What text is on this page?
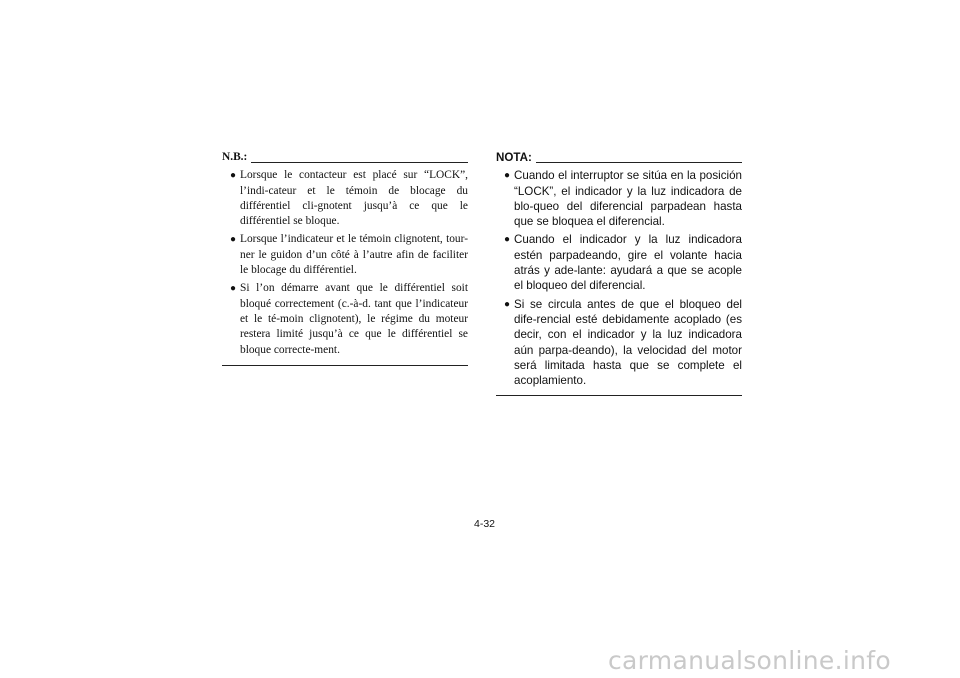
N.B.:
● Lorsque le contacteur est placé sur “LOCK”, l’indi-cateur et le témoin de blocage du différentiel cli-gnotent jusqu’à ce que le différentiel se bloque.
● Lorsque l’indicateur et le témoin clignotent, tour-ner le guidon d’un côté à l’autre afin de faciliter le blocage du différentiel.
● Si l’on démarre avant que le différentiel soit bloqué correctement (c.-à-d. tant que l’indicateur et le té-moin clignotent), le régime du moteur restera limité jusqu’à ce que le différentiel se bloque correcte-ment.
NOTA:
● Cuando el interruptor se sitúa en la posición “LOCK”, el indicador y la luz indicadora de blo-queo del diferencial parpadean hasta que se bloquea el diferencial.
● Cuando el indicador y la luz indicadora estén parpadeando, gire el volante hacia atrás y ade-lante: ayudará a que se acople el bloqueo del diferencial.
● Si se circula antes de que el bloqueo del dife-rencial esté debidamente acoplado (es decir, con el indicador y la luz indicadora aún parpa-deando), la velocidad del motor será limitada hasta que se complete el acoplamiento.
4-32
carmanualsonline.info
